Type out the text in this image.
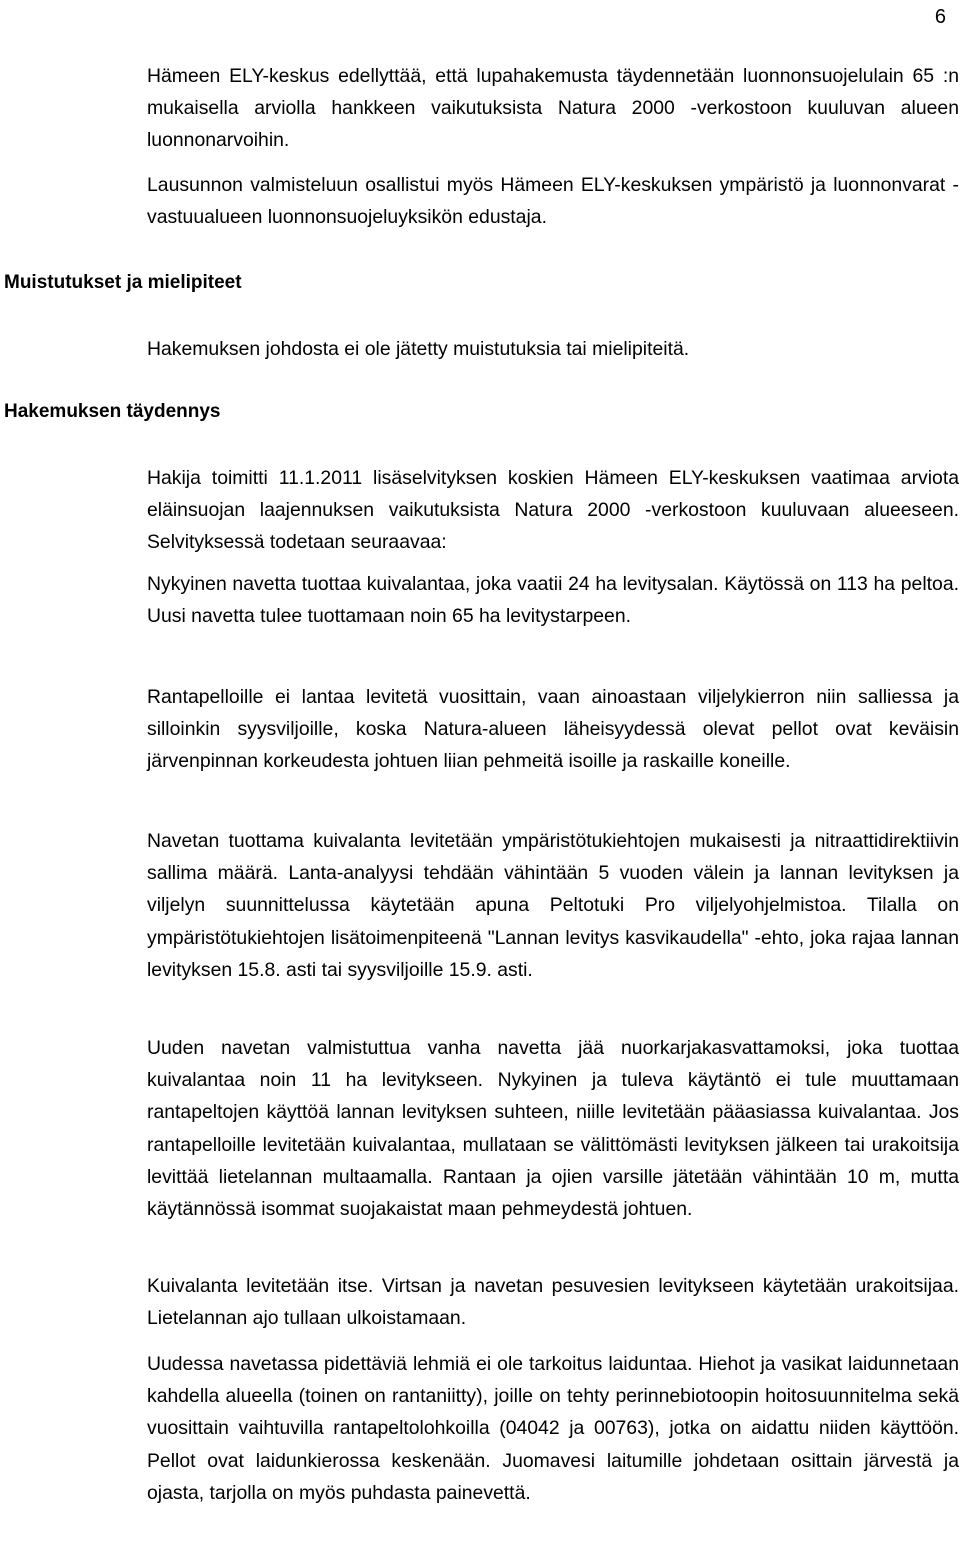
6

Hämeen ELY-keskus edellyttää, että lupahakemusta täydennetään luonnonsuojelulain 65 :n mukaisella arviolla hankkeen vaikutuksista Natura 2000 -verkostoon kuuluvan alueen luonnonarvoihin.

Lausunnon valmisteluun osallistui myös Hämeen ELY-keskuksen ympäristö ja luonnonvarat -vastuualueen luonnonsuojeluyksikön edustaja.

Muistutukset ja mielipiteet

Hakemuksen johdosta ei ole jätetty muistutuksia tai mielipiteitä.

Hakemuksen täydennys

Hakija toimitti 11.1.2011 lisäselvityksen koskien Hämeen ELY-keskuksen vaatimaa arviota eläinsuojan laajennuksen vaikutuksista Natura 2000 -verkostoon kuuluvaan alueeseen. Selvityksessä todetaan seuraavaa:

Nykyinen navetta tuottaa kuivalantaa, joka vaatii 24 ha levitysalan. Käytössä on 113 ha peltoa. Uusi navetta tulee tuottamaan noin 65 ha levitystarpeen.

Rantapelloille ei lantaa levitetä vuosittain, vaan ainoastaan viljelykierron niin salliessa ja silloinkin syysviljoille, koska Natura-alueen läheisyydessä olevat pellot ovat keväisin järvenpinnan korkeudesta johtuen liian pehmeitä isoille ja raskaille koneille.

Navetan tuottama kuivalanta levitetään ympäristötukiehtojen mukaisesti ja nitraattidirektiivin sallima määrä. Lanta-analyysi tehdään vähintään 5 vuoden välein ja lannan levityksen ja viljelyn suunnittelussa käytetään apuna Peltotuki Pro viljelyohjelmistoa. Tilalla on ympäristötukiehtojen lisätoimenpiteenä "Lannan levitys kasvikaudella" -ehto, joka rajaa lannan levityksen 15.8. asti tai syysviljoille 15.9. asti.

Uuden navetan valmistuttua vanha navetta jää nuorkarjakasvattamoksi, joka tuottaa kuivalantaa noin 11 ha levitykseen. Nykyinen ja tuleva käytäntö ei tule muuttamaan rantapeltojen käyttöä lannan levityksen suhteen, niille levitetään pääasiassa kuivalantaa. Jos rantapelloille levitetään kuivalantaa, mullataan se välittömästi levityksen jälkeen tai urakoitsija levittää lietelannan multaamalla. Rantaan ja ojien varsille jätetään vähintään 10 m, mutta käytännössä isommat suojakaistat maan pehmeydestä johtuen.

Kuivalanta levitetään itse. Virtsan ja navetan pesuvesien levitykseen käytetään urakoitsijaa. Lietelannan ajo tullaan ulkoistamaan.

Uudessa navetassa pidettäviä lehmiä ei ole tarkoitus laiduntaa. Hiehot ja vasikat laidunnetaan kahdella alueella (toinen on rantaniitty), joille on tehty perinnebiotoopin hoitosuunnitelma sekä vuosittain vaihtuvilla rantapeltolohkoilla (04042 ja 00763), jotka on aidattu niiden käyttöön. Pellot ovat laidunkierossa keskenään. Juomavesi laitumille johdetaan osittain järvestä ja ojasta, tarjolla on myös puhdasta painevettä.
